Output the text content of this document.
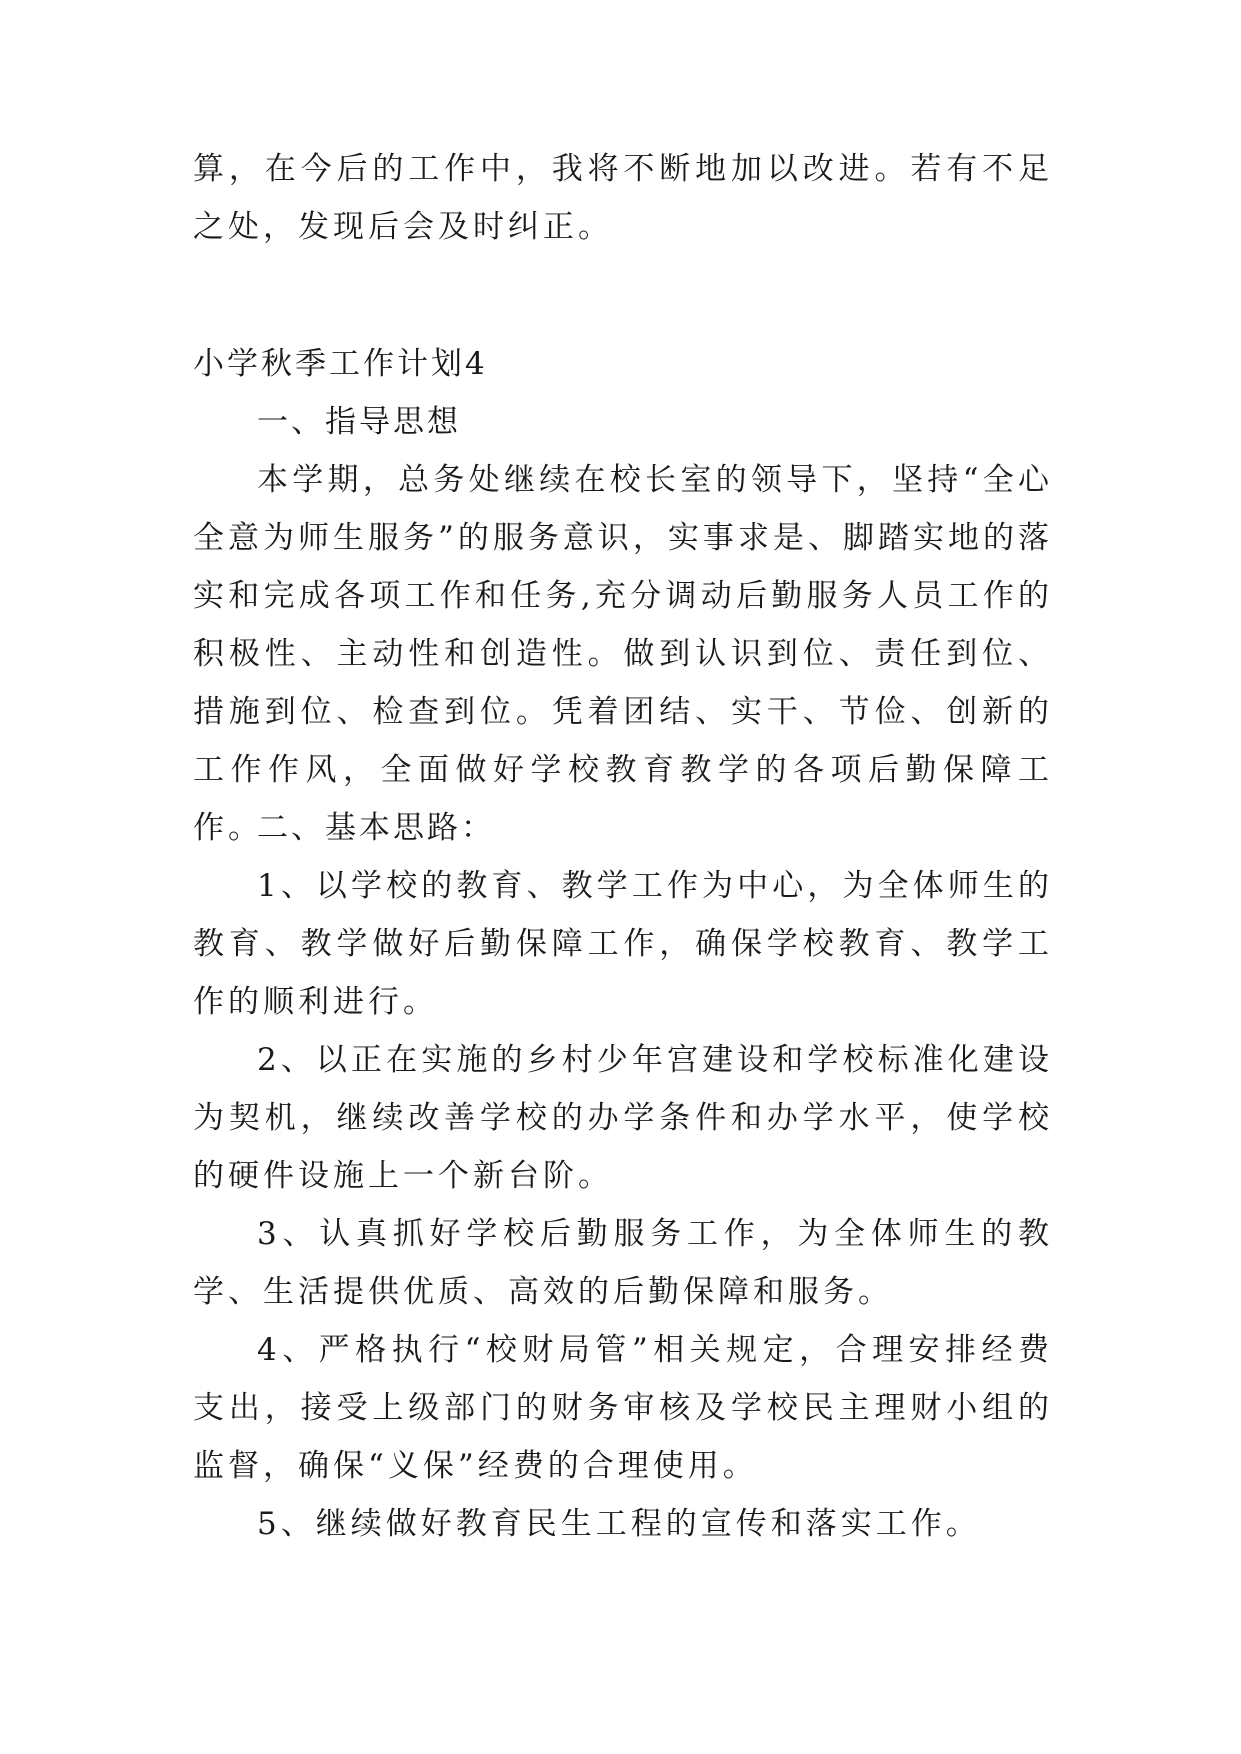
算，在今后的工作中，我将不断地加以改进。若有不足之处，发现后会及时纠正。

小学秋季工作计划4

一、指导思想

本学期，总务处继续在校长室的领导下，坚持“全心全意为师生服务”的服务意识，实事求是、脚踏实地的落实和完成各项工作和任务,充分调动后勤服务人员工作的积极性、主动性和创造性。做到认识到位、责任到位、措施到位、检查到位。凭着团结、实干、节俭、创新的工作作风，全面做好学校教育教学的各项后勤保障工作。

二、基本思路：

1、以学校的教育、教学工作为中心，为全体师生的教育、教学做好后勤保障工作，确保学校教育、教学工作的顺利进行。

2、以正在实施的乡村少年宫建设和学校标准化建设为契机，继续改善学校的办学条件和办学水平，使学校的硬件设施上一个新台阶。

3、认真抓好学校后勤服务工作，为全体师生的教学、生活提供优质、高效的后勤保障和服务。

4、严格执行“校财局管”相关规定，合理安排经费支出，接受上级部门的财务审核及学校民主理财小组的监督，确保“义保”经费的合理使用。

5、继续做好教育民生工程的宣传和落实工作。
